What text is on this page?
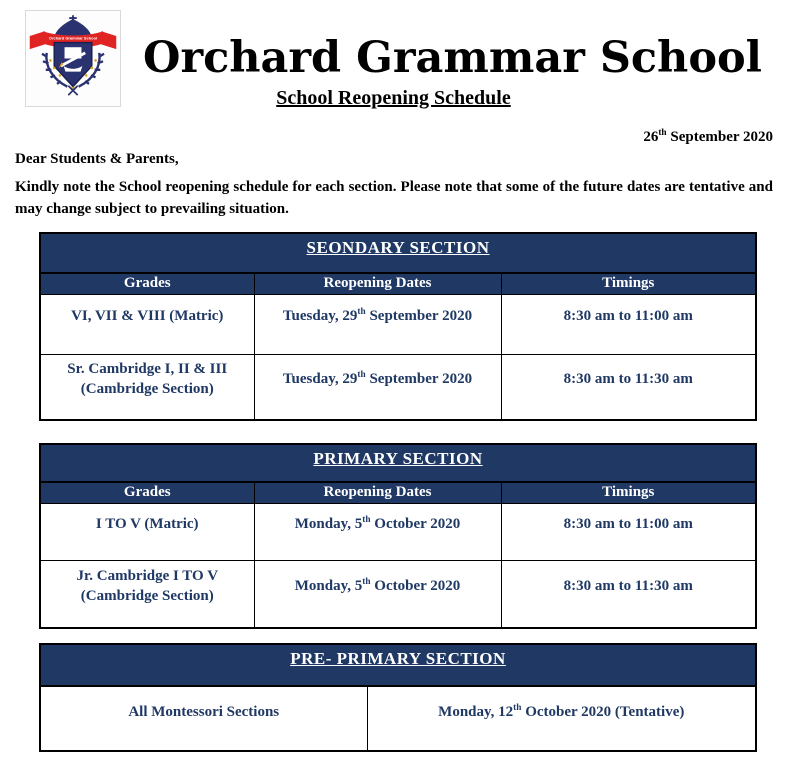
Orchard Grammar School Orchard Grammar School
School Reopening Schedule
26th September 2020
Dear Students & Parents,
Kindly note the School reopening schedule for each section. Please note that some of the future dates are tentative and may change subject to prevailing situation.
SEONDARY SECTION		
Grades	Reopening Dates	Timings
VI, VII & VIII (Matric)	Tuesday, 29th September 2020	8:30 am to 11:00 am
Sr. Cambridge I, II & III (Cambridge Section)	Tuesday, 29th September 2020	8:30 am to 11:30 am
PRIMARY SECTION		
Grades	Reopening Dates	Timings
I TO V (Matric)	Monday, 5th October 2020	8:30 am to 11:00 am
Jr. Cambridge I TO V (Cambridge Section)	Monday, 5th October 2020	8:30 am to 11:30 am
PRE- PRIMARY SECTION
All Montessori Sections	Monday, 12th October 2020 (Tentative)
